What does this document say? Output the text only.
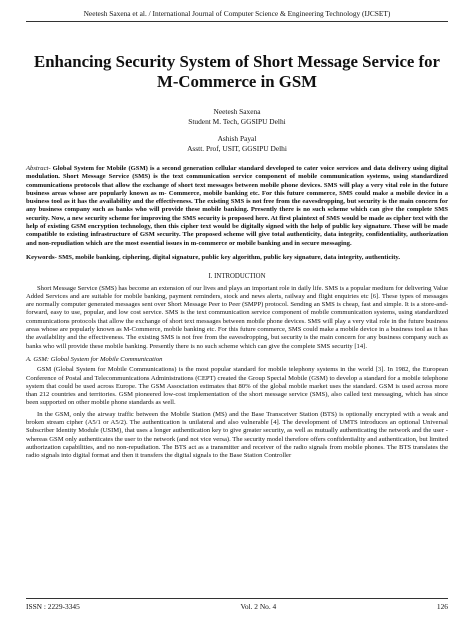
Neetesh Saxena et al. / International Journal of Computer Science & Engineering Technology (IJCSET)
Enhancing Security System of Short Message Service for M-Commerce in GSM
Neetesh Saxena
Student M. Tech, GGSIPU Delhi
Ashish Payal
Asstt. Prof, USIT, GGSIPU Delhi

Abstract- Global System for Mobile (GSM) is a second generation cellular standard developed to cater voice services and data delivery using digital modulation. Short Message Service (SMS) is the text communication service component of mobile communication systems, using standardized communications protocols that allow the exchange of short text messages between mobile phone devices. SMS will play a very vital role in the future business areas whose are popularly known as m- Commerce, mobile banking etc. For this future commerce, SMS could make a mobile device in a business tool as it has the availability and the effectiveness. The existing SMS is not free from the eavesdropping, but security is the main concern for any business company such as banks who will provide these mobile banking. Presently there is no such scheme which can give the complete SMS security. Now, a new security scheme for improving the SMS security is proposed here. At first plaintext of SMS would be made as cipher text with the help of existing GSM encryption technology, then this cipher text would be digitally signed with the help of public key signature. These will be made compatible to existing infrastructure of GSM security. The proposed scheme will give total authenticity, data integrity, confidentiality, authorization and non-repudiation which are the most essential issues in m-commerce or mobile banking and in secure messaging.

Keywords- SMS, mobile banking, ciphering, digital signature, public key algorithm, public key signature, data integrity, authenticity.

I. INTRODUCTION

Short Message Service (SMS) has become an extension of our lives and plays an important role in daily life. SMS is a popular medium for delivering Value Added Services and are suitable for mobile banking, payment reminders, stock and news alerts, railway and flight enquiries etc [6]. These types of messages are normally computer generated messages sent over Short Message Peer to Peer (SMPP) protocol. Sending an SMS is cheap, fast and simple. It is a store-and-forward, easy to use, popular, and low cost service. SMS is the text communication service component of mobile communication systems, using standardized communications protocols that allow the exchange of short text messages between mobile phone devices. SMS will play a very vital role in the future business areas whose are popularly known as M-Commerce, mobile banking etc. For this future commerce, SMS could make a mobile device in a business tool as it has the availability and the effectiveness. The existing SMS is not free from the eavesdropping, but security is the main concern for any business company such as banks who will provide these mobile banking. Presently there is no such scheme which can give the complete SMS security [14].

A. GSM: Global System for Mobile Communication

GSM (Global System for Mobile Communications) is the most popular standard for mobile telephony systems in the world [3]. In 1982, the European Conference of Postal and Telecommunications Administrations (CEPT) created the Group Special Mobile (GSM) to develop a standard for a mobile telephone system that could be used across Europe. The GSM Association estimates that 80% of the global mobile market uses the standard. GSM is used across more than 212 countries and territories. GSM pioneered low-cost implementation of the short message service (SMS), also called text messaging, which has since been supported on other mobile phone standards as well.

In the GSM, only the airway traffic between the Mobile Station (MS) and the Base Transceiver Station (BTS) is optionally encrypted with a weak and broken stream cipher (A5/1 or A5/2). The authentication is unilateral and also vulnerable [4]. The development of UMTS introduces an optional Universal Subscriber Identity Module (USIM), that uses a longer authentication key to give greater security, as well as mutually authenticating the network and the user - whereas GSM only authenticates the user to the network (and not vice versa). The security model therefore offers confidentiality and authentication, but limited authorization capabilities, and no non-repudiation. The BTS act as a transmitter and receiver of the radio signals from mobile phones. The BTS translates the radio signals into digital format and then it transfers the digital signals to the Base Station Controller

ISSN : 2229-3345	Vol. 2 No. 4	126
